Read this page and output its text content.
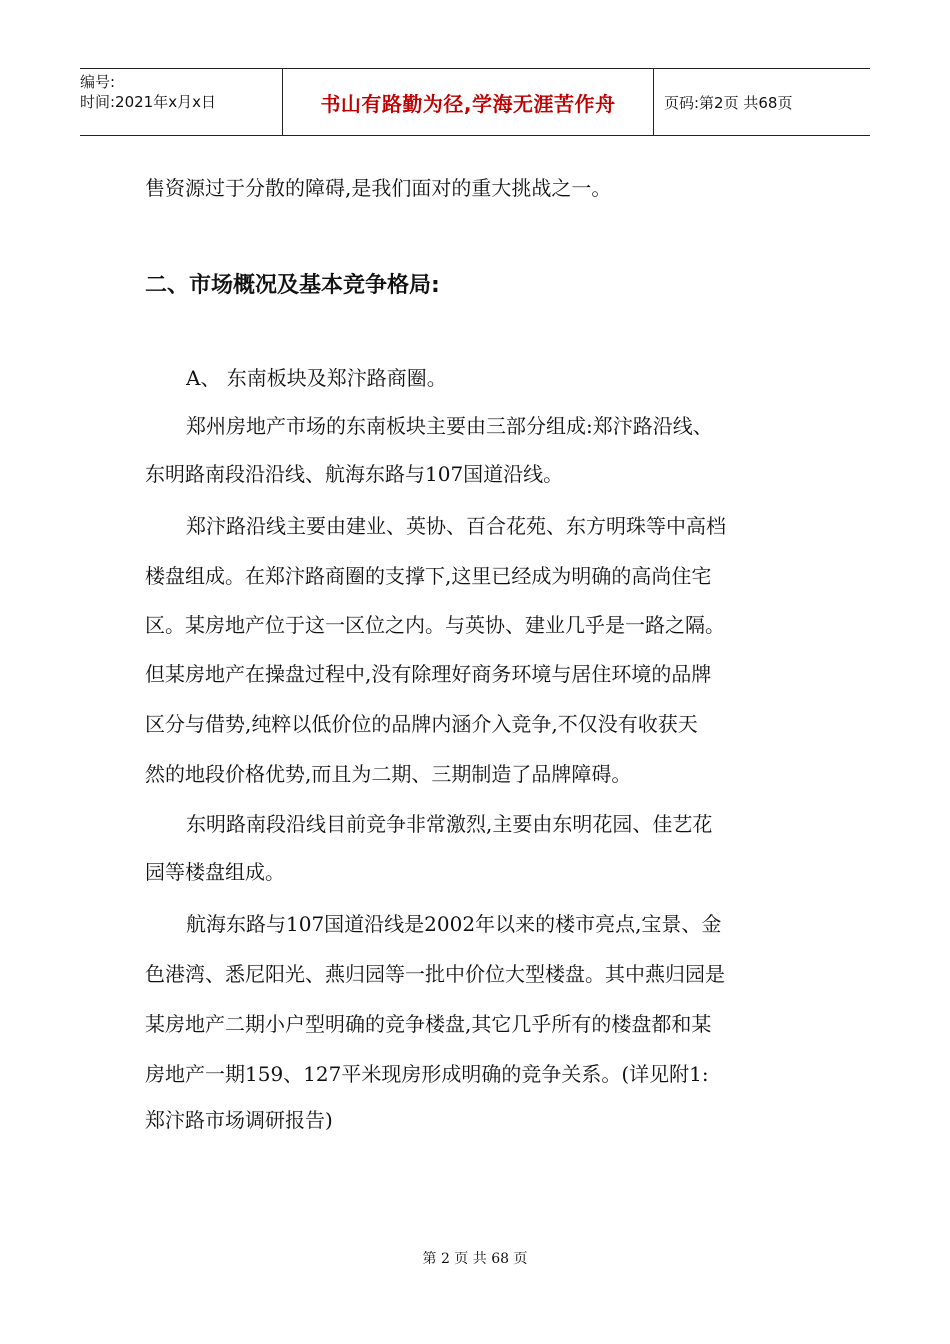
编号:
时间:2021年x月x日	书山有路勤为径,学海无涯苦作舟	页码:第2页 共68页
售资源过于分散的障碍,是我们面对的重大挑战之一。
二、市场概况及基本竞争格局:
A、 东南板块及郑汴路商圈。
郑州房地产市场的东南板块主要由三部分组成:郑汴路沿线、
东明路南段沿沿线、航海东路与107国道沿线。
郑汴路沿线主要由建业、英协、百合花苑、东方明珠等中高档
楼盘组成。在郑汴路商圈的支撑下,这里已经成为明确的高尚住宅
区。某房地产位于这一区位之内。与英协、建业几乎是一路之隔。
但某房地产在操盘过程中,没有除理好商务环境与居住环境的品牌
区分与借势,纯粹以低价位的品牌内涵介入竞争,不仅没有收获天
然的地段价格优势,而且为二期、三期制造了品牌障碍。
东明路南段沿线目前竞争非常激烈,主要由东明花园、佳艺花
园等楼盘组成。
航海东路与107国道沿线是2002年以来的楼市亮点,宝景、金
色港湾、悉尼阳光、燕归园等一批中价位大型楼盘。其中燕归园是
某房地产二期小户型明确的竞争楼盘,其它几乎所有的楼盘都和某
房地产一期159、127平米现房形成明确的竞争关系。(详见附1:
郑汴路市场调研报告)
第 2 页 共 68 页
